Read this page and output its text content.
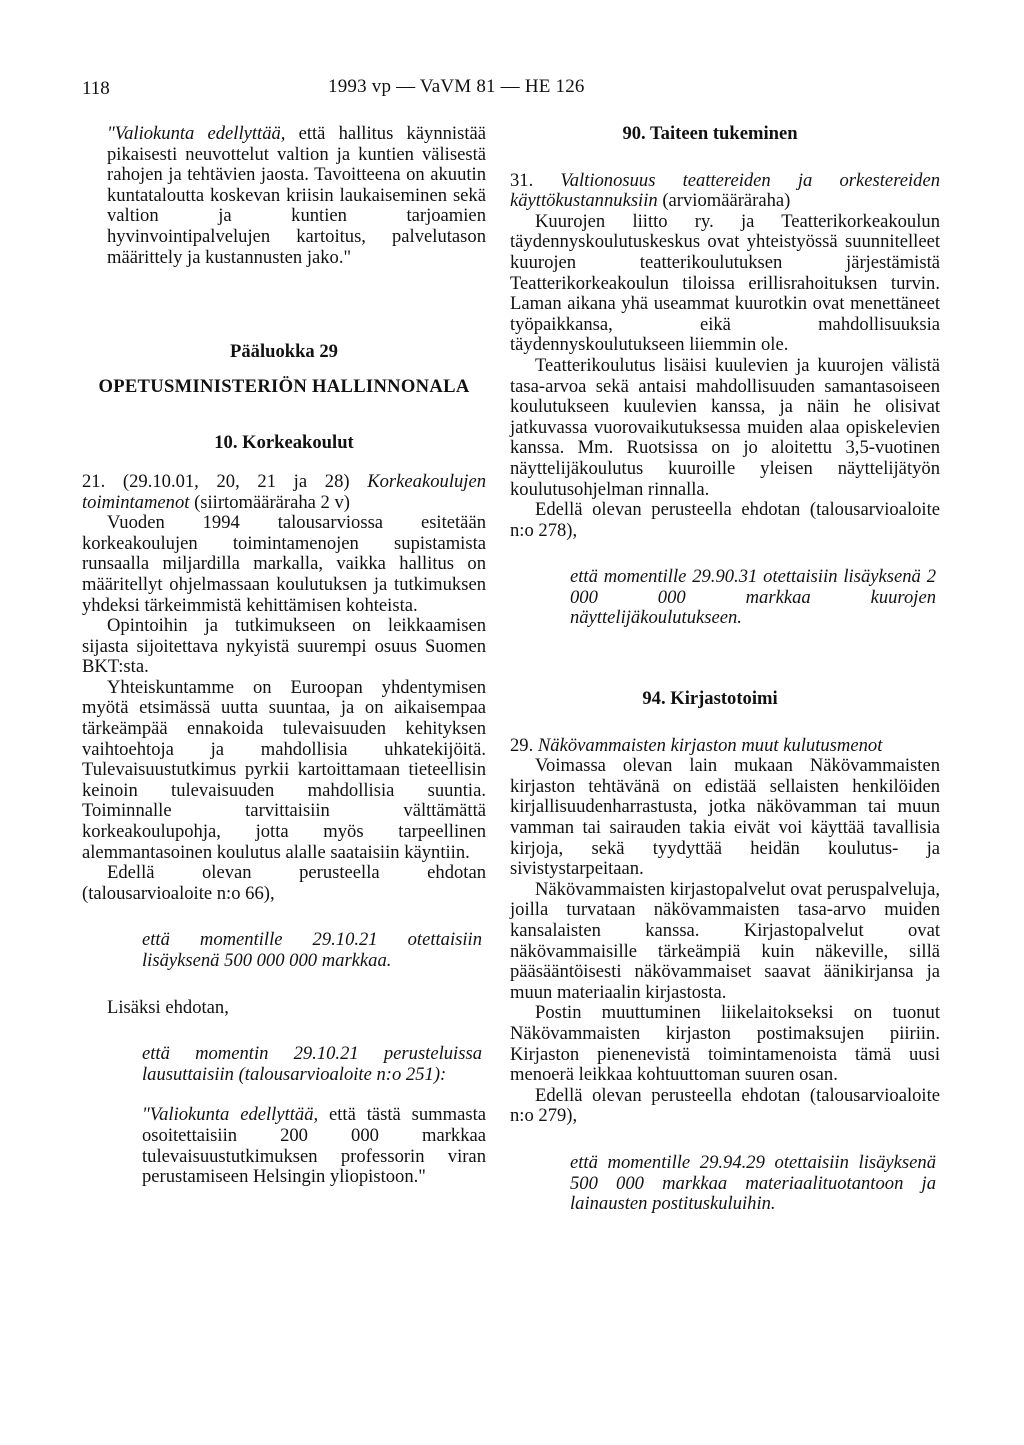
118	1993 vp — VaVM 81 — HE 126

"Valiokunta edellyttää, että hallitus käynnistää pikaisesti neuvottelut valtion ja kuntien välisestä rahojen ja tehtävien jaosta. Tavoitteena on akuutin kuntataloutta koskevan kriisin laukaiseminen sekä valtion ja kuntien tarjoamien hyvinvointipalvelujen kartoitus, palvelutason määrittely ja kustannusten jako."

Pääluokka 29

OPETUSMINISTERIÖN HALLINNONALA

10. Korkeakoulut

21. (29.10.01, 20, 21 ja 28) Korkeakoulujen toimintamenot (siirtomääräraha 2 v)

Vuoden 1994 talousarviossa esitetään korkeakoulujen toimintamenojen supistamista runsaalla miljardilla markalla, vaikka hallitus on määritellyt ohjelmassaan koulutuksen ja tutkimuksen yhdeksi tärkeimmistä kehittämisen kohteista.

Opintoihin ja tutkimukseen on leikkaamisen sijasta sijoitettava nykyistä suurempi osuus Suomen BKT:sta.

Yhteiskuntamme on Euroopan yhdentymisen myötä etsimässä uutta suuntaa, ja on aikaisempaa tärkeämpää ennakoida tulevaisuuden kehityksen vaihtoehtoja ja mahdollisia uhkatekijöitä. Tulevaisuustutkimus pyrkii kartoittamaan tieteellisin keinoin tulevaisuuden mahdollisia suuntia. Toiminnalle tarvittaisiin välttämättä korkeakoulupohja, jotta myös tarpeellinen alemmantasoinen koulutus alalle saataisiin käyntiin.

Edellä olevan perusteella ehdotan (talousarvioaloite n:o 66),

että momentille 29.10.21 otettaisiin lisäyksenä 500 000 000 markkaa.

Lisäksi ehdotan,

että momentin 29.10.21 perusteluissa lausuttaisiin (talousarvioaloite n:o 251):

"Valiokunta edellyttää, että tästä summasta osoitettaisiin 200 000 markkaa tulevaisuustutkimuksen professorin viran perustamiseen Helsingin yliopistoon."

90. Taiteen tukeminen

31. Valtionosuus teattereiden ja orkestereiden käyttökustannuksiin (arviomääräraha)

Kuurojen liitto ry. ja Teatterikorkeakoulun täydennyskoulutuskeskus ovat yhteistyössä suunnitelleet kuurojen teatterikoulutuksen järjestämistä Teatterikorkeakoulun tiloissa erillisrahoituksen turvin. Laman aikana yhä useammat kuurotkin ovat menettäneet työpaikkansa, eikä mahdollisuuksia täydennyskoulutukseen liiemmin ole.

Teatterikoulutus lisäisi kuulevien ja kuurojen välistä tasa-arvoa sekä antaisi mahdollisuuden samantasoiseen koulutukseen kuulevien kanssa, ja näin he olisivat jatkuvassa vuorovaikutuksessa muiden alaa opiskelevien kanssa. Mm. Ruotsissa on jo aloitettu 3,5-vuotinen näyttelijäkoulutus kuuroille yleisen näyttelijätyön koulutusohjelman rinnalla.

Edellä olevan perusteella ehdotan (talousarvioaloite n:o 278),

että momentille 29.90.31 otettaisiin lisäyksenä 2 000 000 markkaa kuurojen näyttelijäkoulutukseen.

94. Kirjastotoimi

29. Näkövammaisten kirjaston muut kulutusmenot

Voimassa olevan lain mukaan Näkövammaisten kirjaston tehtävänä on edistää sellaisten henkilöiden kirjallisuudenharrastusta, jotka näkövamman tai muun vamman tai sairauden takia eivät voi käyttää tavallisia kirjoja, sekä tyydyttää heidän koulutus- ja sivistystarpeitaan.

Näkövammaisten kirjastopalvelut ovat peruspalveluja, joilla turvataan näkövammaisten tasa-arvo muiden kansalaisten kanssa. Kirjastopalvelut ovat näkövammaisille tärkeämpiä kuin näkeville, sillä pääsääntöisesti näkövammaiset saavat äänikirjansa ja muun materiaalin kirjastosta.

Postin muuttuminen liikelaitokseksi on tuonut Näkövammaisten kirjaston postimaksujen piiriin. Kirjaston pienenevistä toimintamenoista tämä uusi menoerä leikkaa kohtuuttoman suuren osan.

Edellä olevan perusteella ehdotan (talousarvioaloite n:o 279),

että momentille 29.94.29 otettaisiin lisäyksenä 500 000 markkaa materiaalituotantoon ja lainausten postituskuluihin.
